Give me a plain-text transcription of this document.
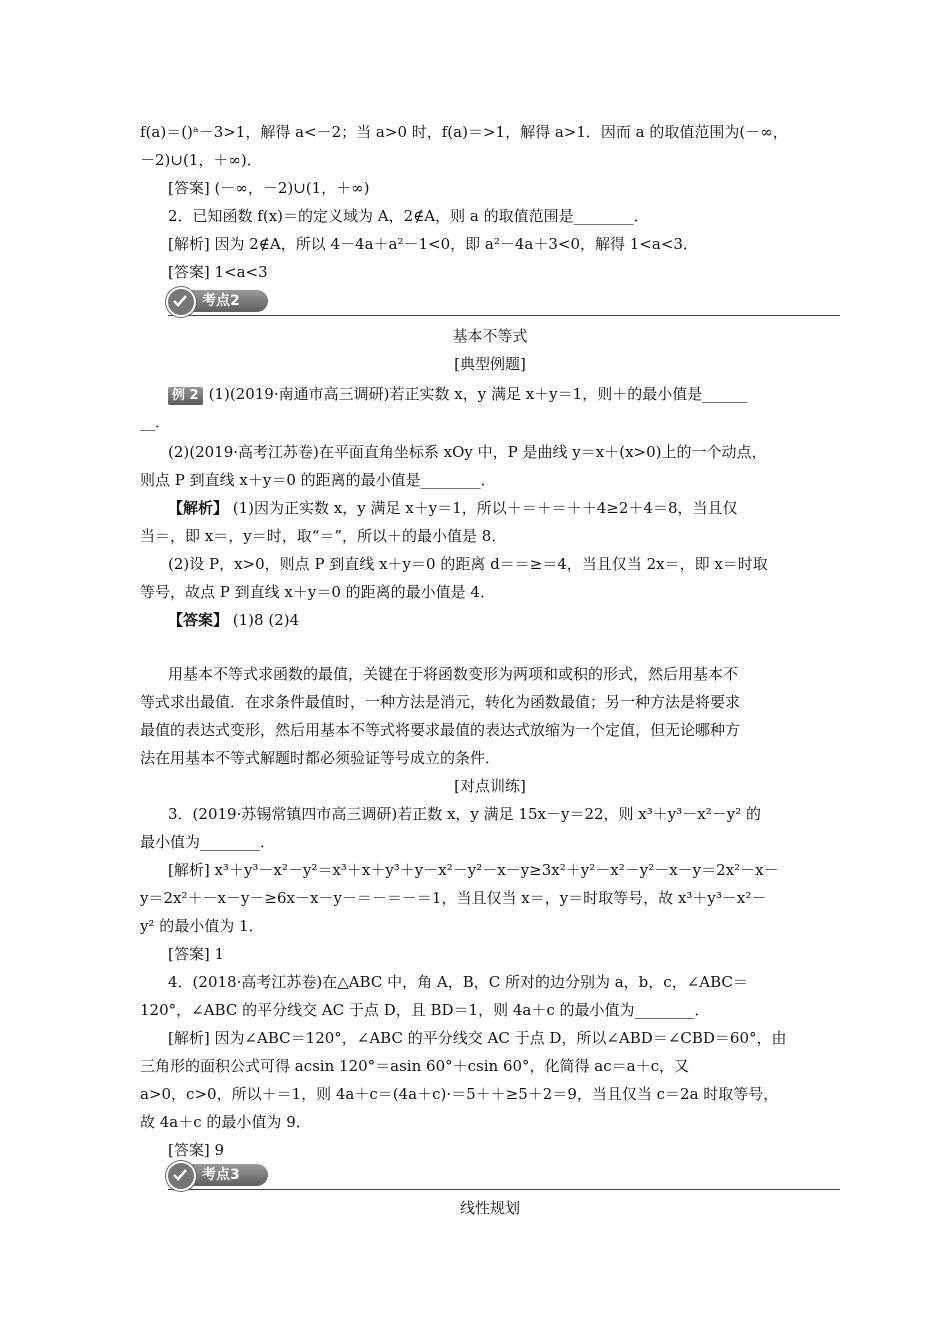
f(a)＝()ᵃ－3>1，解得 a<－2；当 a>0 时，f(a)＝>1，解得 a>1．因而 a 的取值范围为(－∞，
－2)∪(1，＋∞)．
[答案] (－∞，－2)∪(1，＋∞)
2．已知函数 f(x)＝的定义域为 A，2∉A，则 a 的取值范围是________．
[解析] 因为 2∉A，所以 4－4a＋a²－1<0，即 a²－4a＋3<0，解得 1<a<3．
[答案] 1<a<3
考点2
基本不等式
[典型例题]
例 2 (1)(2019·南通市高三调研)若正实数 x，y 满足 x＋y＝1，则＋的最小值是______
__．
(2)(2019·高考江苏卷)在平面直角坐标系 xOy 中，P 是曲线 y＝x＋(x>0)上的一个动点，
则点 P 到直线 x＋y＝0 的距离的最小值是________．
【解析】 (1)因为正实数 x，y 满足 x＋y＝1，所以＋＝＋＝＋＋4≥2＋4＝8，当且仅
当＝，即 x＝，y＝时，取“＝”，所以＋的最小值是 8．
(2)设 P，x>0，则点 P 到直线 x＋y＝0 的距离 d＝＝≥＝4，当且仅当 2x＝，即 x＝时取
等号，故点 P 到直线 x＋y＝0 的距离的最小值是 4．
【答案】 (1)8 (2)4
用基本不等式求函数的最值，关键在于将函数变形为两项和或积的形式，然后用基本不
等式求出最值．在求条件最值时，一种方法是消元，转化为函数最值；另一种方法是将要求
最值的表达式变形，然后用基本不等式将要求最值的表达式放缩为一个定值，但无论哪种方
法在用基本不等式解题时都必须验证等号成立的条件．
[对点训练]
3．(2019·苏锡常镇四市高三调研)若正数 x，y 满足 15x－y＝22，则 x³＋y³－x²－y² 的
最小值为________．
[解析] x³＋y³－x²－y²＝x³＋x＋y³＋y－x²－y²－x－y≥3x²＋y²－x²－y²－x－y＝2x²－x－
y＝2x²＋－x－y－≥6x－x－y－＝－＝－＝1，当且仅当 x＝，y＝时取等号，故 x³＋y³－x²－
y² 的最小值为 1．
[答案] 1
4．(2018·高考江苏卷)在△ABC 中，角 A，B，C 所对的边分别为 a，b，c，∠ABC＝
120°，∠ABC 的平分线交 AC 于点 D，且 BD＝1，则 4a＋c 的最小值为________．
[解析] 因为∠ABC＝120°，∠ABC 的平分线交 AC 于点 D，所以∠ABD＝∠CBD＝60°，由
三角形的面积公式可得 acsin 120°＝asin 60°＋csin 60°，化简得 ac＝a＋c，又
a>0，c>0，所以＋＝1，则 4a＋c＝(4a＋c)·＝5＋＋≥5＋2＝9，当且仅当 c＝2a 时取等号，
故 4a＋c 的最小值为 9．
[答案] 9
考点3
线性规划
